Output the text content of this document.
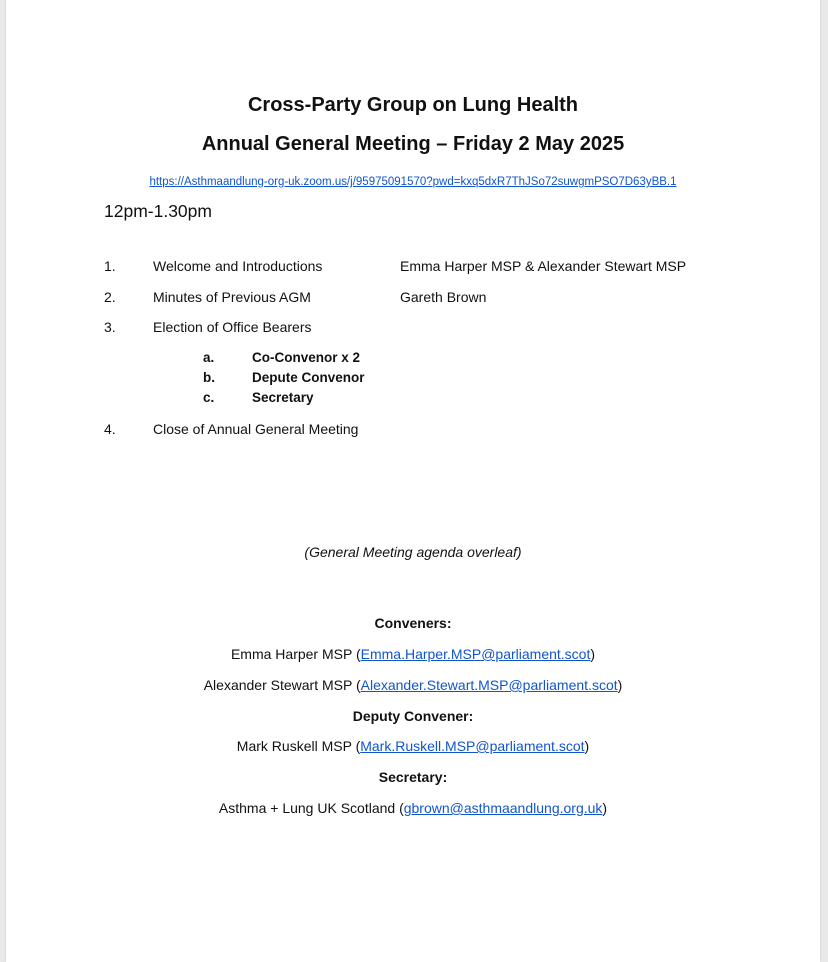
Cross-Party Group on Lung Health
Annual General Meeting – Friday 2 May 2025
https://Asthmaandlung-org-uk.zoom.us/j/95975091570?pwd=kxq5dxR7ThJSo72suwgmPSO7D63yBB.1
12pm-1.30pm
1.	Welcome and Introductions	Emma Harper MSP & Alexander Stewart MSP
2.	Minutes of Previous AGM	Gareth Brown
3.	Election of Office Bearers
a.	Co-Convenor x 2
b.	Depute Convenor
c.	Secretary
4.	Close of Annual General Meeting
(General Meeting agenda overleaf)
Conveners:
Emma Harper MSP (Emma.Harper.MSP@parliament.scot)
Alexander Stewart MSP (Alexander.Stewart.MSP@parliament.scot)
Deputy Convener:
Mark Ruskell MSP (Mark.Ruskell.MSP@parliament.scot)
Secretary:
Asthma + Lung UK Scotland (gbrown@asthmaandlung.org.uk)
